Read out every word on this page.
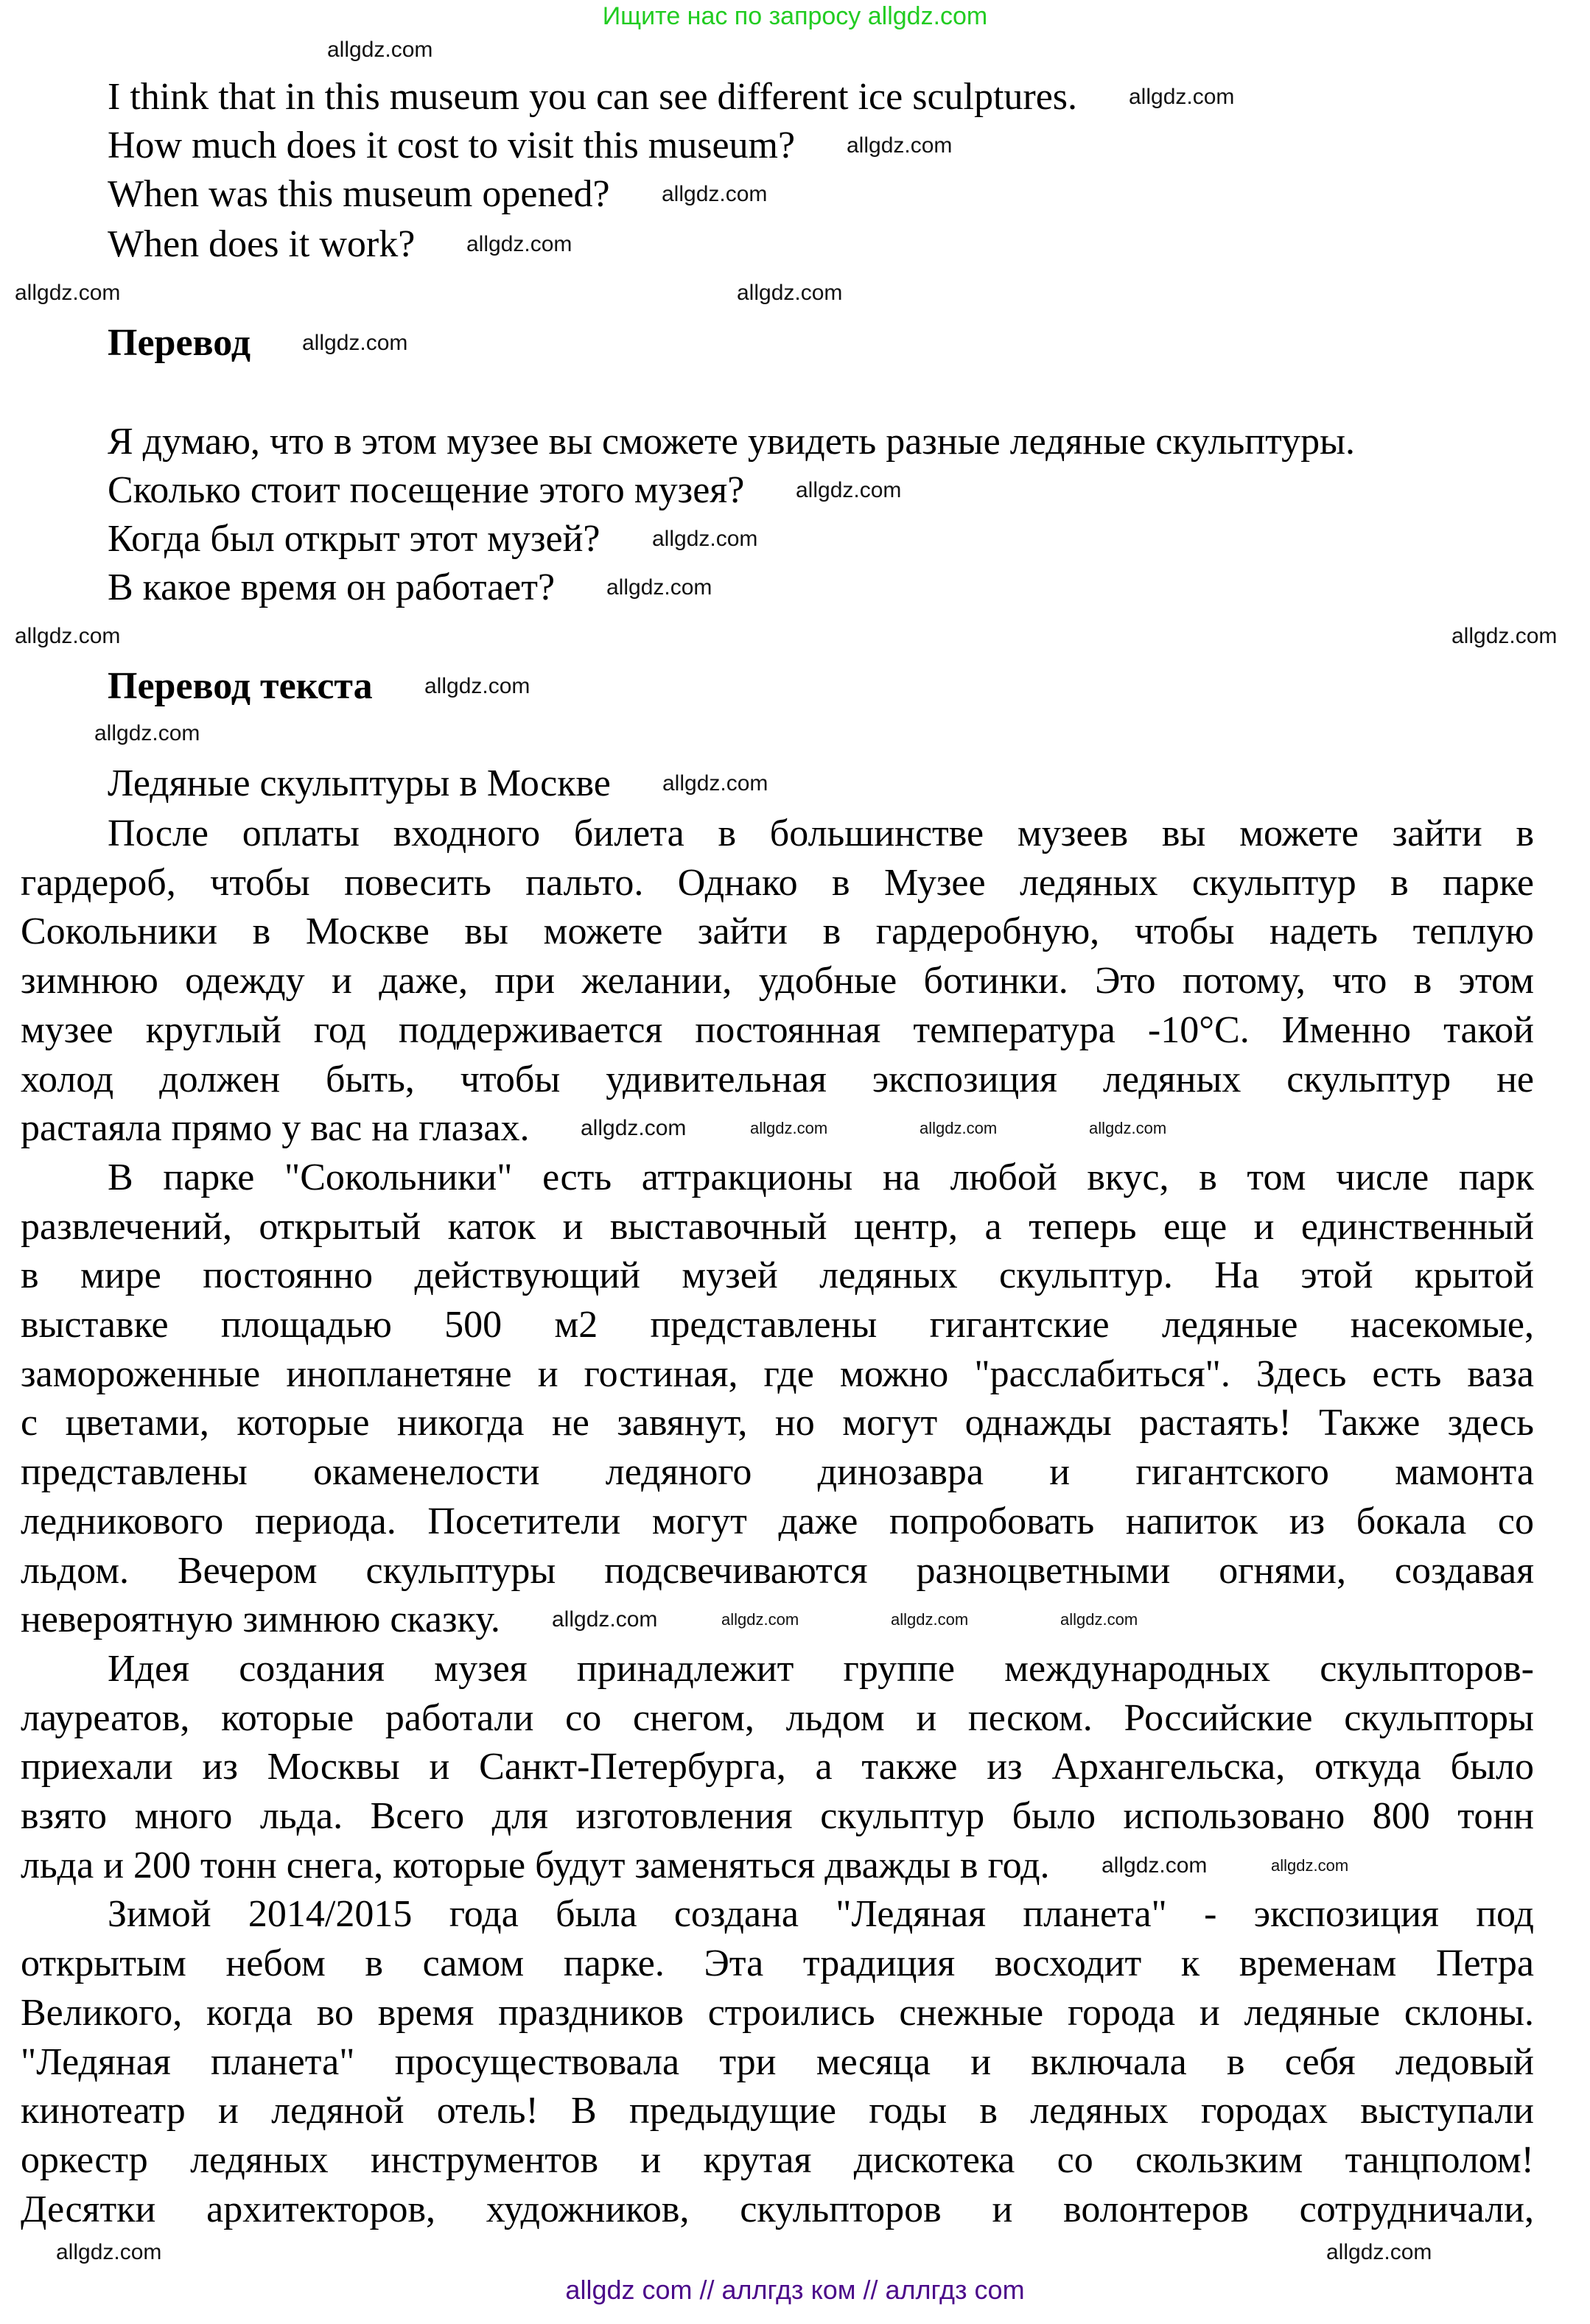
Ищите нас по запросу allgdz.com
I think that in this museum you can see different ice sculptures.
How much does it cost to visit this museum?
When was this museum opened?
When does it work?
Перевод
Я думаю, что в этом музее вы сможете увидеть разные ледяные скульптуры.
Сколько стоит посещение этого музея?
Когда был открыт этот музей?
В какое время он работает?
Перевод текста
Ледяные скульптуры в Москве
После оплаты входного билета в большинстве музеев вы можете зайти в
гардероб, чтобы повесить пальто. Однако в Музее ледяных скульптур в парке
Сокольники в Москве вы можете зайти в гардеробную, чтобы надеть теплую
зимнюю одежду и даже, при желании, удобные ботинки. Это потому, что в этом
музее круглый год поддерживается постоянная температура -10°C. Именно такой
холод должен быть, чтобы удивительная экспозиция ледяных скульптур не
растаяла прямо у вас на глазах.
В парке "Сокольники" есть аттракционы на любой вкус, в том числе парк
развлечений, открытый каток и выставочный центр, а теперь еще и единственный
в мире постоянно действующий музей ледяных скульптур. На этой крытой
выставке площадью 500 м2 представлены гигантские ледяные насекомые,
замороженные инопланетяне и гостиная, где можно "расслабиться". Здесь есть ваза
с цветами, которые никогда не завянут, но могут однажды растаять! Также здесь
представлены окаменелости ледяного динозавра и гигантского мамонта
ледникового периода. Посетители могут даже попробовать напиток из бокала со
льдом. Вечером скульптуры подсвечиваются разноцветными огнями, создавая
невероятную зимнюю сказку.
Идея создания музея принадлежит группе международных скульпторов-
лауреатов, которые работали со снегом, льдом и песком. Российские скульпторы
приехали из Москвы и Санкт-Петербурга, а также из Архангельска, откуда было
взято много льда. Всего для изготовления скульптур было использовано 800 тонн
льда и 200 тонн снега, которые будут заменяться дважды в год.
Зимой 2014/2015 года была создана "Ледяная планета" - экспозиция под
открытым небом в самом парке. Эта традиция восходит к временам Петра
Великого, когда во время праздников строились снежные города и ледяные склоны.
"Ледяная планета" просуществовала три месяца и включала в себя ледовый
кинотеатр и ледяной отель! В предыдущие годы в ледяных городах выступали
оркестр ледяных инструментов и крутая дискотека со скользким танцполом!
Десятки архитекторов, художников, скульпторов и волонтеров сотрудничали,
allgdz.com
allgdz.com
allgdz.com
allgdz.com
allgdz.com
allgdz.com	allgdz.com
allgdz.com
allgdz.com
allgdz.com
allgdz.com
allgdz.com
allgdz.com
allgdz.com
allgdz.com
allgdz.com
allgdz.com	allgdz.com	allgdz.com	allgdz.com
allgdz.com	allgdz.com	allgdz.com	allgdz.com
allgdz.com	allgdz.com
allgdz.com	allgdz.com
allgdz com // аллгдз ком // аллгдз com
